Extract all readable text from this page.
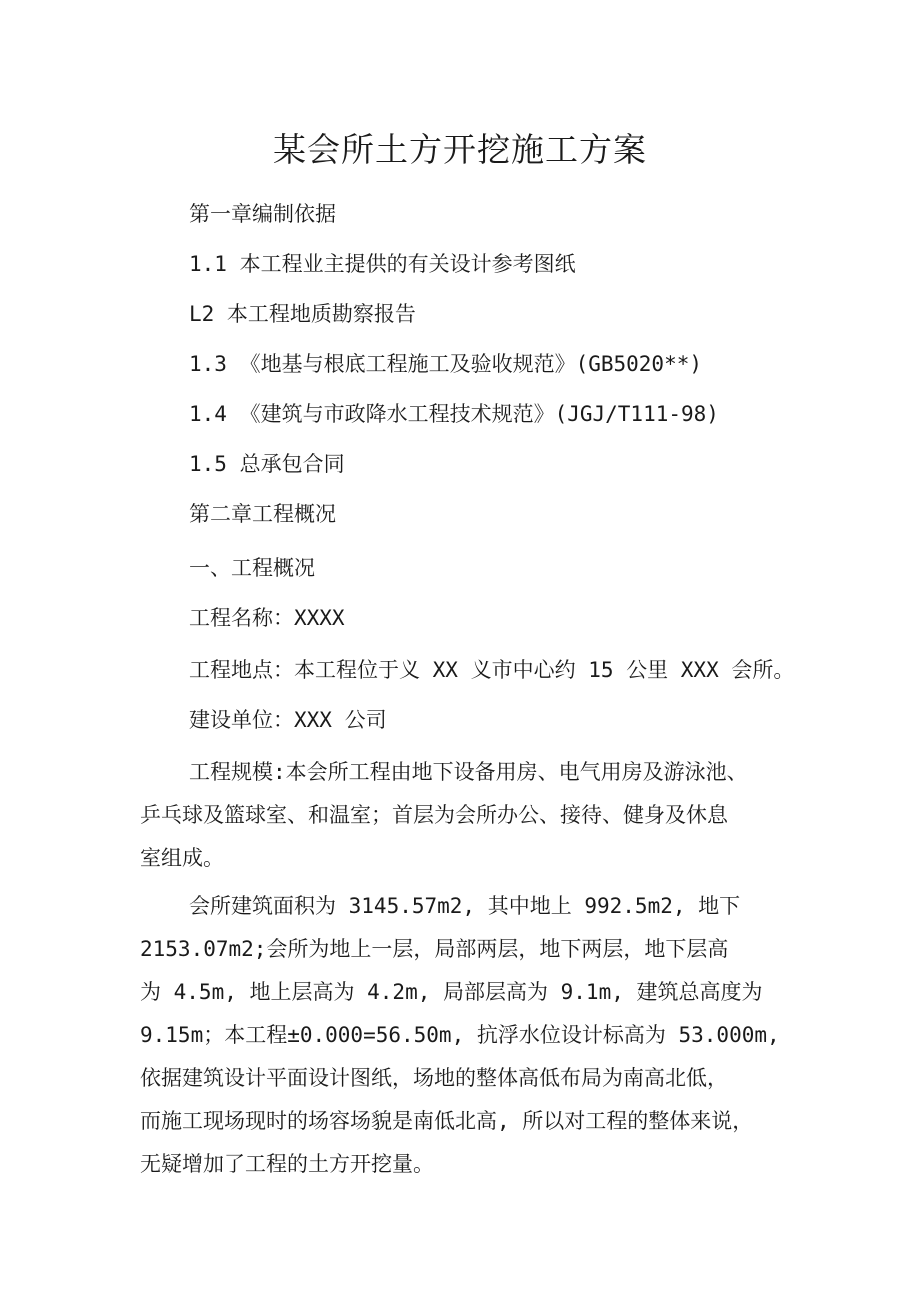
某会所土方开挖施工方案
第一章编制依据
1.1 本工程业主提供的有关设计参考图纸
L2 本工程地质勘察报告
1.3 《地基与根底工程施工及验收规范》(GB5020**)
1.4 《建筑与市政降水工程技术规范》(JGJ/T111-98)
1.5 总承包合同
第二章工程概况
一、工程概况
工程名称：XXXX
工程地点：本工程位于义 XX 义市中心约 15 公里 XXX 会所。
建设单位：XXX 公司
工程规模:本会所工程由地下设备用房、电气用房及游泳池、
乒乓球及篮球室、和温室；首层为会所办公、接待、健身及休息
室组成。
会所建筑面积为 3145.57m2, 其中地上 992.5m2, 地下
2153.07m2;会所为地上一层，局部两层，地下两层，地下层高
为 4.5m, 地上层高为 4.2m, 局部层高为 9.1m, 建筑总高度为
9.15m；本工程±0.000=56.50m, 抗浮水位设计标高为 53.000m,
依据建筑设计平面设计图纸，场地的整体高低布局为南高北低，
而施工现场现时的场容场貌是南低北高, 所以对工程的整体来说，
无疑增加了工程的土方开挖量。
